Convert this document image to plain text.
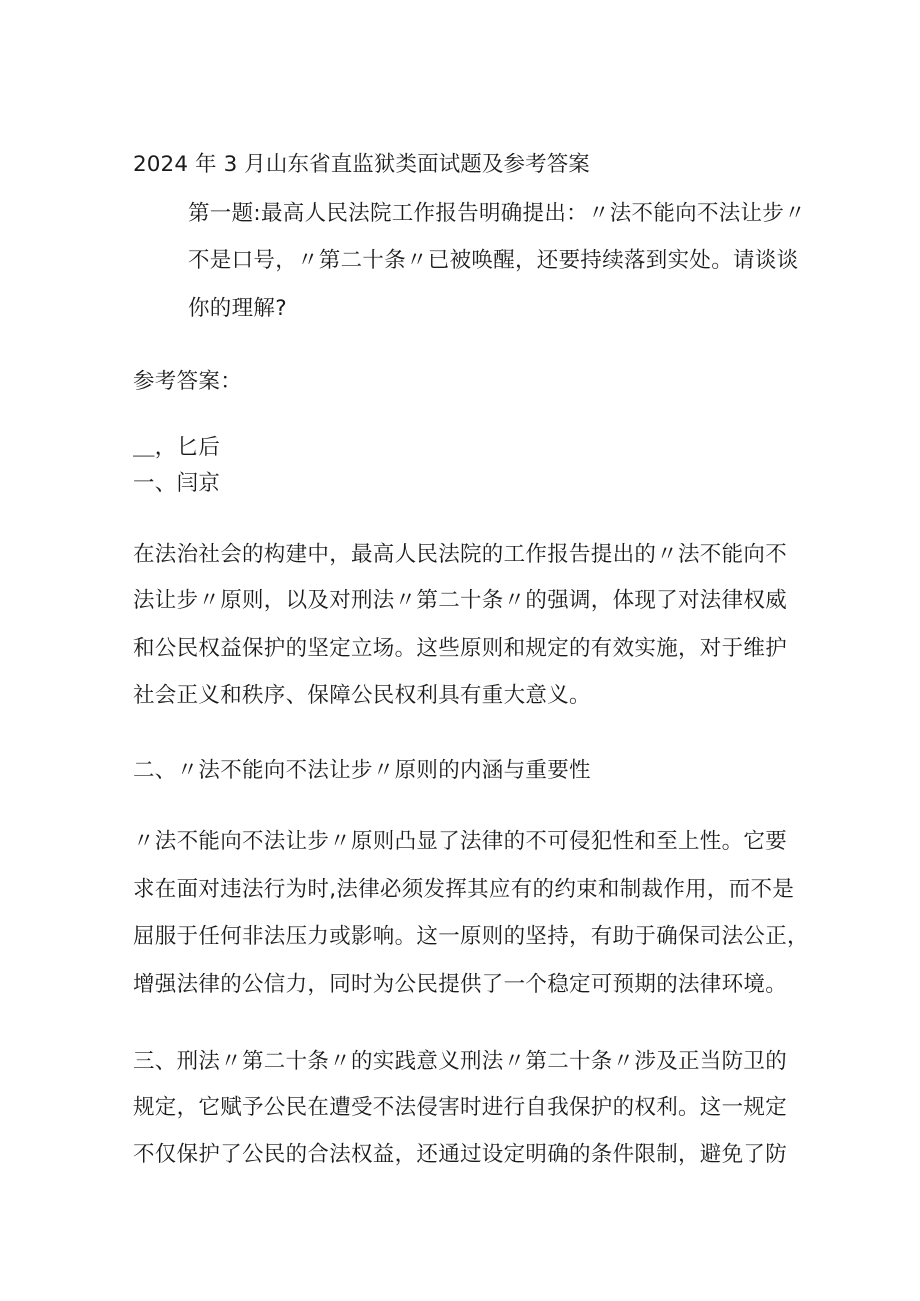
2024 年 3 月山东省直监狱类面试题及参考答案
第一题:最高人民法院工作报告明确提出：〃法不能向不法让步〃
不是口号，〃第二十条〃已被唤醒，还要持续落到实处。请谈谈
你的理解?
参考答案：
＿，匕后
一、闫京
在法治社会的构建中，最高人民法院的工作报告提出的〃法不能向不
法让步〃原则，以及对刑法〃第二十条〃的强调，体现了对法律权威
和公民权益保护的坚定立场。这些原则和规定的有效实施，对于维护
社会正义和秩序、保障公民权利具有重大意义。
二、〃法不能向不法让步〃原则的内涵与重要性
〃法不能向不法让步〃原则凸显了法律的不可侵犯性和至上性。它要
求在面对违法行为时,法律必须发挥其应有的约束和制裁作用，而不是
屈服于任何非法压力或影响。这一原则的坚持，有助于确保司法公正，
增强法律的公信力，同时为公民提供了一个稳定可预期的法律环境。
三、刑法〃第二十条〃的实践意义刑法〃第二十条〃涉及正当防卫的
规定，它赋予公民在遭受不法侵害时进行自我保护的权利。这一规定
不仅保护了公民的合法权益，还通过设定明确的条件限制，避免了防
